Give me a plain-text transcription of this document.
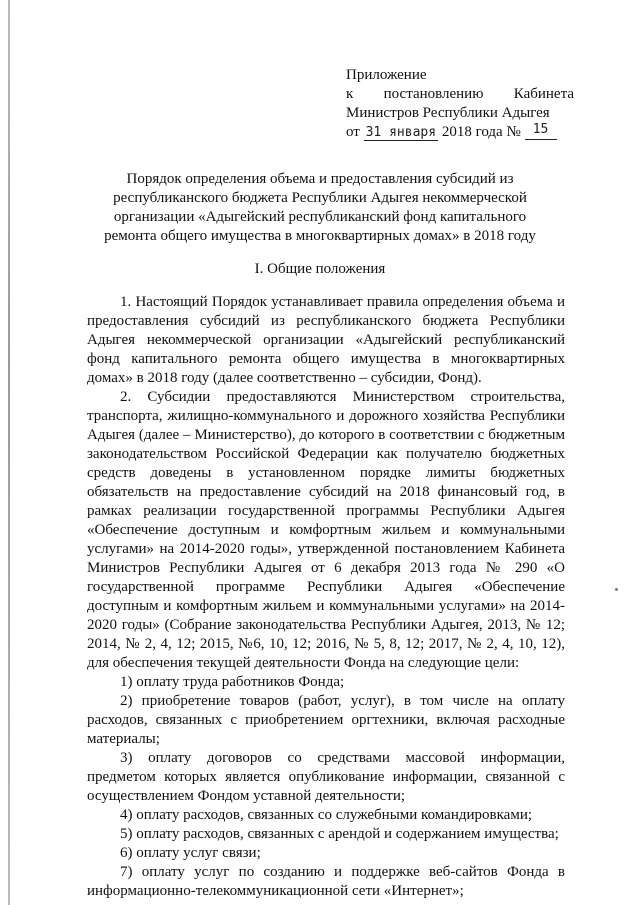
Приложение
к постановлению Кабинета
Министров Республики Адыгея
от 31 января 2018 года № 15
Порядок определения объема и предоставления субсидий из республиканского бюджета Республики Адыгея некоммерческой организации «Адыгейский республиканский фонд капитального ремонта общего имущества в многоквартирных домах» в 2018 году
I. Общие положения

1. Настоящий Порядок устанавливает правила определения объема и предоставления субсидий из республиканского бюджета Республики Адыгея некоммерческой организации «Адыгейский республиканский фонд капитального ремонта общего имущества в многоквартирных домах» в 2018 году (далее соответственно – субсидии, Фонд).

2. Субсидии предоставляются Министерством строительства, транспорта, жилищно-коммунального и дорожного хозяйства Республики Адыгея (далее – Министерство), до которого в соответствии с бюджетным законодательством Российской Федерации как получателю бюджетных средств доведены в установленном порядке лимиты бюджетных обязательств на предоставление субсидий на 2018 финансовый год, в рамках реализации государственной программы Республики Адыгея «Обеспечение доступным и комфортным жильем и коммунальными услугами» на 2014-2020 годы», утвержденной постановлением Кабинета Министров Республики Адыгея от 6 декабря 2013 года № 290 «О государственной программе Республики Адыгея «Обеспечение доступным и комфортным жильем и коммунальными услугами» на 2014-2020 годы» (Собрание законодательства Республики Адыгея, 2013, № 12; 2014, № 2, 4, 12; 2015, №6, 10, 12; 2016, № 5, 8, 12; 2017, № 2, 4, 10, 12), для обеспечения текущей деятельности Фонда на следующие цели:

1) оплату труда работников Фонда;

2) приобретение товаров (работ, услуг), в том числе на оплату расходов, связанных с приобретением оргтехники, включая расходные материалы;

3) оплату договоров со средствами массовой информации, предметом которых является опубликование информации, связанной с осуществлением Фондом уставной деятельности;

4) оплату расходов, связанных со служебными командировками;

5) оплату расходов, связанных с арендой и содержанием имущества;

6) оплату услуг связи;

7) оплату услуг по созданию и поддержке веб-сайтов Фонда в информационно-телекоммуникационной сети «Интернет»;
